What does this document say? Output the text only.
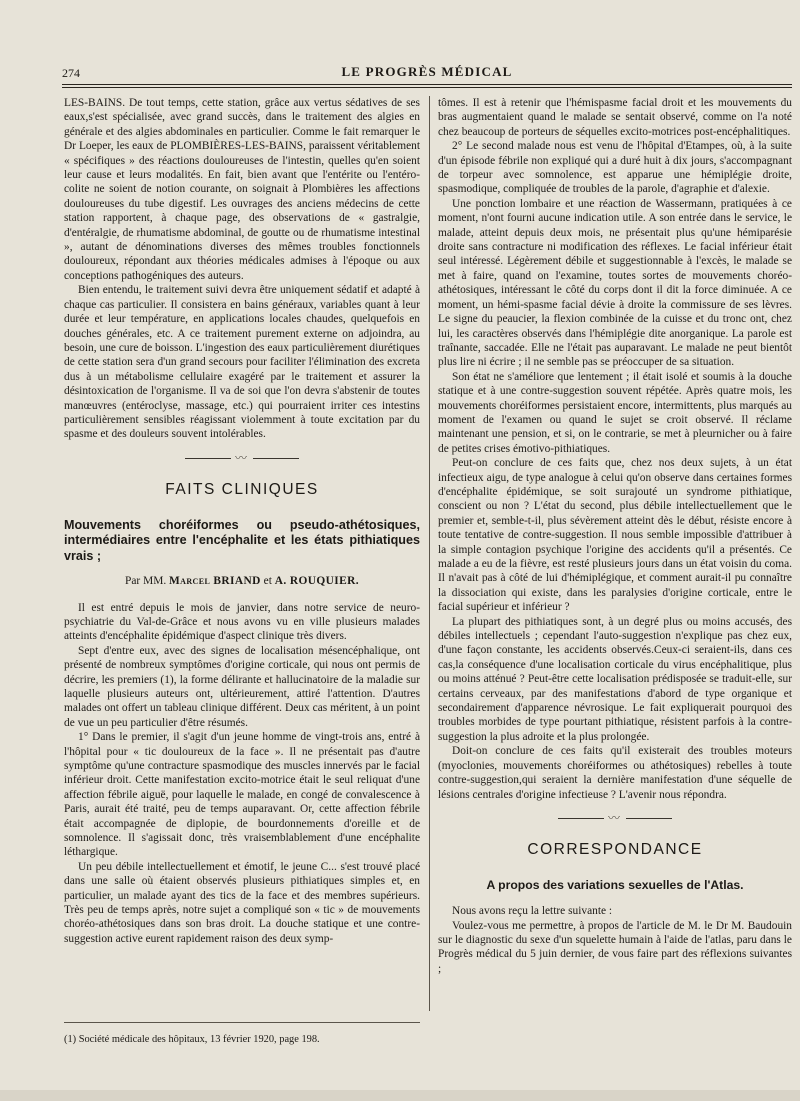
274	LE PROGRÈS MÉDICAL

LES-BAINS. De tout temps, cette station, grâce aux vertus sédatives de ses eaux,s'est spécialisée, avec grand succès, dans le traitement des algies en générale et des algies abdominales en particulier. Comme le fait remarquer le Dr Loeper, les eaux de PLOMBIÈRES-LES-BAINS, paraissent véritablement « spécifiques » des réactions douloureuses de l'intestin, quelles qu'en soient leur cause et leurs modalités. En fait, bien avant que l'entérite ou l'entéro-colite ne soient de notion courante, on soignait à Plombières les affections douloureuses du tube digestif. Les ouvrages des anciens médecins de cette station rapportent, à chaque page, des observations de « gastralgie, d'entéralgie, de rhumatisme abdominal, de goutte ou de rhumatisme intestinal », autant de dénominations diverses des mêmes troubles fonctionnels douloureux, répondant aux théories médicales admises à l'époque ou aux conceptions pathogéniques des auteurs.

Bien entendu, le traitement suivi devra être uniquement sédatif et adapté à chaque cas particulier. Il consistera en bains généraux, variables quant à leur durée et leur température, en applications locales chaudes, quelquefois en douches générales, etc. A ce traitement purement externe on adjoindra, au besoin, une cure de boisson. L'ingestion des eaux particulièrement diurétiques de cette station sera d'un grand secours pour faciliter l'élimination des excreta dus à un métabolisme cellulaire exagéré par le traitement et assurer la désintoxication de l'organisme. Il va de soi que l'on devra s'abstenir de toutes manœuvres (entéroclyse, massage, etc.) qui pourraient irriter ces intestins particulièrement sensibles réagissant violemment à toute excitation par du spasme et des douleurs souvent intolérables.

〰
FAITS CLINIQUES
Mouvements choréiformes ou pseudo-athétosiques, intermédiaires entre l'encéphalite et les états pithiatiques vrais ;
Par MM. Marcel BRIAND et A. ROUQUIER.

Il est entré depuis le mois de janvier, dans notre service de neuro-psychiatrie du Val-de-Grâce et nous avons vu en ville plusieurs malades atteints d'encéphalite épidémique d'aspect clinique très divers.

Sept d'entre eux, avec des signes de localisation mésencéphalique, ont présenté de nombreux symptômes d'origine corticale, qui nous ont permis de décrire, les premiers (1), la forme délirante et hallucinatoire de la maladie sur laquelle plusieurs auteurs ont, ultérieurement, attiré l'attention. D'autres malades ont offert un tableau clinique différent. Deux cas méritent, à un point de vue un peu particulier d'être résumés.

1° Dans le premier, il s'agit d'un jeune homme de vingt-trois ans, entré à l'hôpital pour « tic douloureux de la face ». Il ne présentait pas d'autre symptôme qu'une contracture spasmodique des muscles innervés par le facial inférieur droit. Cette manifestation excito-motrice était le seul reliquat d'une affection fébrile aiguë, pour laquelle le malade, en congé de convalescence à Paris, aurait été traité, peu de temps auparavant. Or, cette affection fébrile était accompagnée de diplopie, de bourdonnements d'oreille et de somnolence. Il s'agissait donc, très vraisemblablement d'une encéphalite léthargique.

Un peu débile intellectuellement et émotif, le jeune C... s'est trouvé placé dans une salle où étaient observés plusieurs pithiatiques simples et, en particulier, un malade ayant des tics de la face et des membres supérieurs. Très peu de temps après, notre sujet a compliqué son « tic » de mouvements choréo-athétosiques dans son bras droit. La douche statique et une contre-suggestion active eurent rapidement raison des deux symp-

tômes. Il est à retenir que l'hémispasme facial droit et les mouvements du bras augmentaient quand le malade se sentait observé, comme on l'a noté chez beaucoup de porteurs de séquelles excito-motrices post-encéphalitiques.

2° Le second malade nous est venu de l'hôpital d'Etampes, où, à la suite d'un épisode fébrile non expliqué qui a duré huit à dix jours, s'accompagnant de torpeur avec somnolence, est apparue une hémiplégie droite, spasmodique, compliquée de troubles de la parole, d'agraphie et d'alexie.

Une ponction lombaire et une réaction de Wassermann, pratiquées à ce moment, n'ont fourni aucune indication utile. A son entrée dans le service, le malade, atteint depuis deux mois, ne présentait plus qu'une hémiparésie droite sans contracture ni modification des réflexes. Le facial inférieur était seul intéressé. Légèrement débile et suggestionnable à l'excès, le malade se met à faire, quand on l'examine, toutes sortes de mouvements choréo-athétosiques, intéressant le côté du corps dont il dit la force diminuée. A ce moment, un hémi-spasme facial dévie à droite la commissure de ses lèvres. Le signe du peaucier, la flexion combinée de la cuisse et du tronc ont, chez lui, les caractères observés dans l'hémiplégie dite anorganique. La parole est traînante, saccadée. Elle ne l'était pas auparavant. Le malade ne peut bientôt plus lire ni écrire ; il ne semble pas se préoccuper de sa situation.

Son état ne s'améliore que lentement ; il était isolé et soumis à la douche statique et à une contre-suggestion souvent répétée. Après quatre mois, les mouvements choréiformes persistaient encore, intermittents, plus marqués au moment de l'examen ou quand le sujet se croit observé. Il réclame maintenant une pension, et si, on le contrarie, se met à pleurnicher ou à faire de petites crises émotivo-pithiatiques.

Peut-on conclure de ces faits que, chez nos deux sujets, à un état infectieux aigu, de type analogue à celui qu'on observe dans certaines formes d'encéphalite épidémique, se soit surajouté un syndrome pithiatique, conscient ou non ? L'état du second, plus débile intellectuellement que le premier et, semble-t-il, plus sévèrement atteint dès le début, résiste encore à toute tentative de contre-suggestion. Il nous semble impossible d'attribuer à la simple contagion psychique l'origine des accidents qu'il a présentés. Ce malade a eu de la fièvre, est resté plusieurs jours dans un état voisin du coma. Il n'avait pas à côté de lui d'hémiplégique, et comment aurait-il pu connaître la dissociation qui existe, dans les paralysies d'origine corticale, entre le facial supérieur et inférieur ?

La plupart des pithiatiques sont, à un degré plus ou moins accusés, des débiles intellectuels ; cependant l'auto-suggestion n'explique pas chez eux, d'une façon constante, les accidents observés.Ceux-ci seraient-ils, dans ces cas,la conséquence d'une localisation corticale du virus encéphalitique, plus ou moins atténué ? Peut-être cette localisation prédisposée se traduit-elle, sur certains cerveaux, par des manifestations d'abord de type organique et secondairement d'apparence névrosique. Le fait expliquerait pourquoi des troubles morbides de type pourtant pithiatique, résistent parfois à la contre-suggestion la plus adroite et la plus prolongée.

Doit-on conclure de ces faits qu'il existerait des troubles moteurs (myoclonies, mouvements choréiformes ou athétosiques) rebelles à toute contre-suggestion,qui seraient la dernière manifestation d'une séquelle de lésions centrales d'origine infectieuse ? L'avenir nous répondra.

〰
CORRESPONDANCE
A propos des variations sexuelles de l'Atlas.

Nous avons reçu la lettre suivante :

Voulez-vous me permettre, à propos de l'article de M. le Dr M. Baudouin sur le diagnostic du sexe d'un squelette humain à l'aide de l'atlas, paru dans le Progrès médical du 5 juin dernier, de vous faire part des réflexions suivantes ;

(1) Société médicale des hôpitaux, 13 février 1920, page 198.
